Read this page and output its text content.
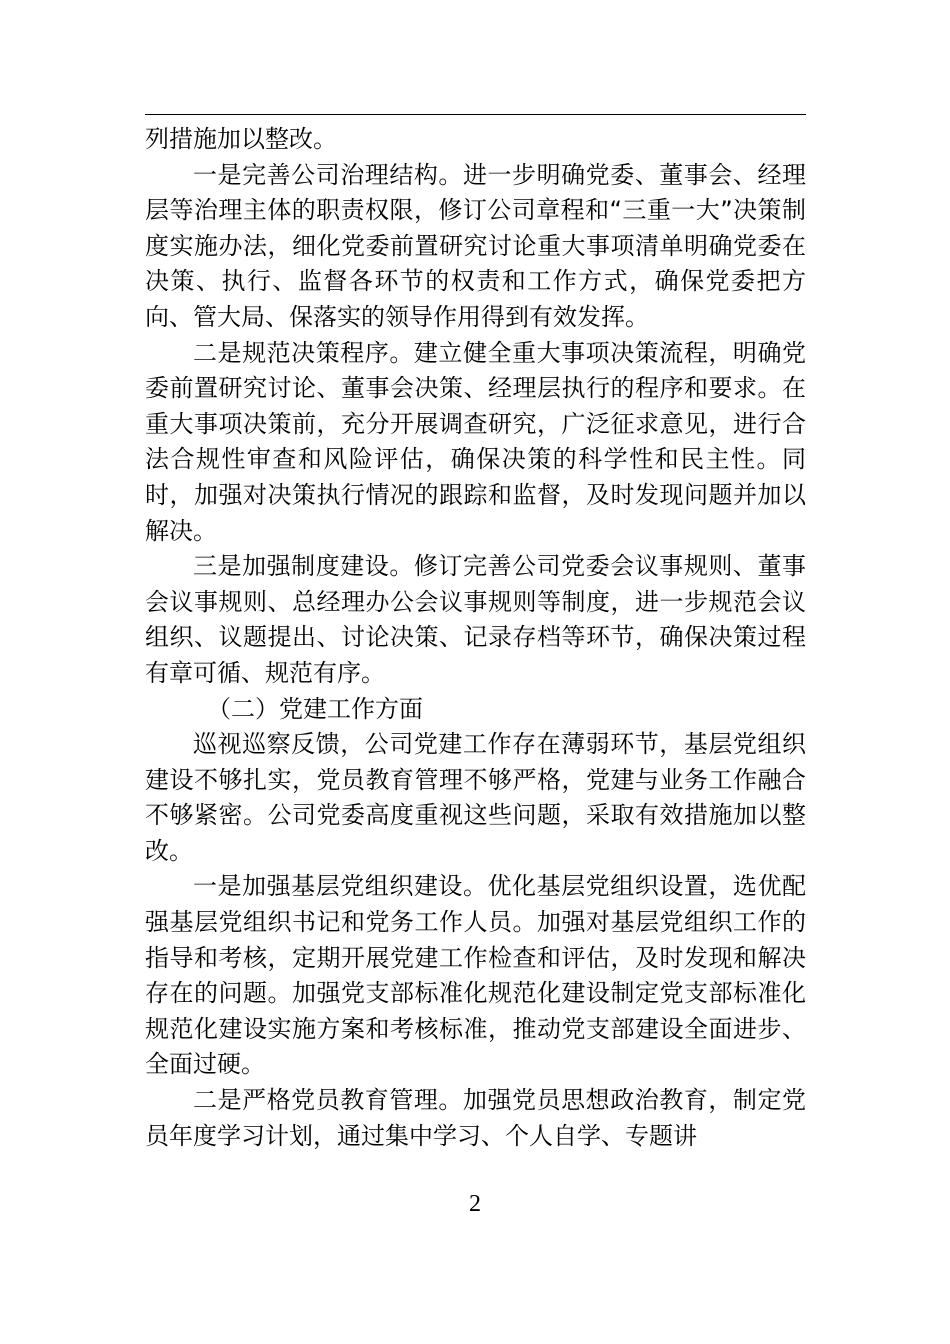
列措施加以整改。

一是完善公司治理结构。进一步明确党委、董事会、经理层等治理主体的职责权限，修订公司章程和“三重一大”决策制度实施办法，细化党委前置研究讨论重大事项清单明确党委在决策、执行、监督各环节的权责和工作方式，确保党委把方向、管大局、保落实的领导作用得到有效发挥。

二是规范决策程序。建立健全重大事项决策流程，明确党委前置研究讨论、董事会决策、经理层执行的程序和要求。在重大事项决策前，充分开展调查研究，广泛征求意见，进行合法合规性审查和风险评估，确保决策的科学性和民主性。同时，加强对决策执行情况的跟踪和监督，及时发现问题并加以解决。

三是加强制度建设。修订完善公司党委会议事规则、董事会议事规则、总经理办公会议事规则等制度，进一步规范会议组织、议题提出、讨论决策、记录存档等环节，确保决策过程有章可循、规范有序。

（二）党建工作方面

巡视巡察反馈，公司党建工作存在薄弱环节，基层党组织建设不够扎实，党员教育管理不够严格，党建与业务工作融合不够紧密。公司党委高度重视这些问题，采取有效措施加以整改。

一是加强基层党组织建设。优化基层党组织设置，选优配强基层党组织书记和党务工作人员。加强对基层党组织工作的指导和考核，定期开展党建工作检查和评估，及时发现和解决存在的问题。加强党支部标准化规范化建设制定党支部标准化规范化建设实施方案和考核标准，推动党支部建设全面进步、全面过硬。

二是严格党员教育管理。加强党员思想政治教育，制定党员年度学习计划，通过集中学习、个人自学、专题讲

2
